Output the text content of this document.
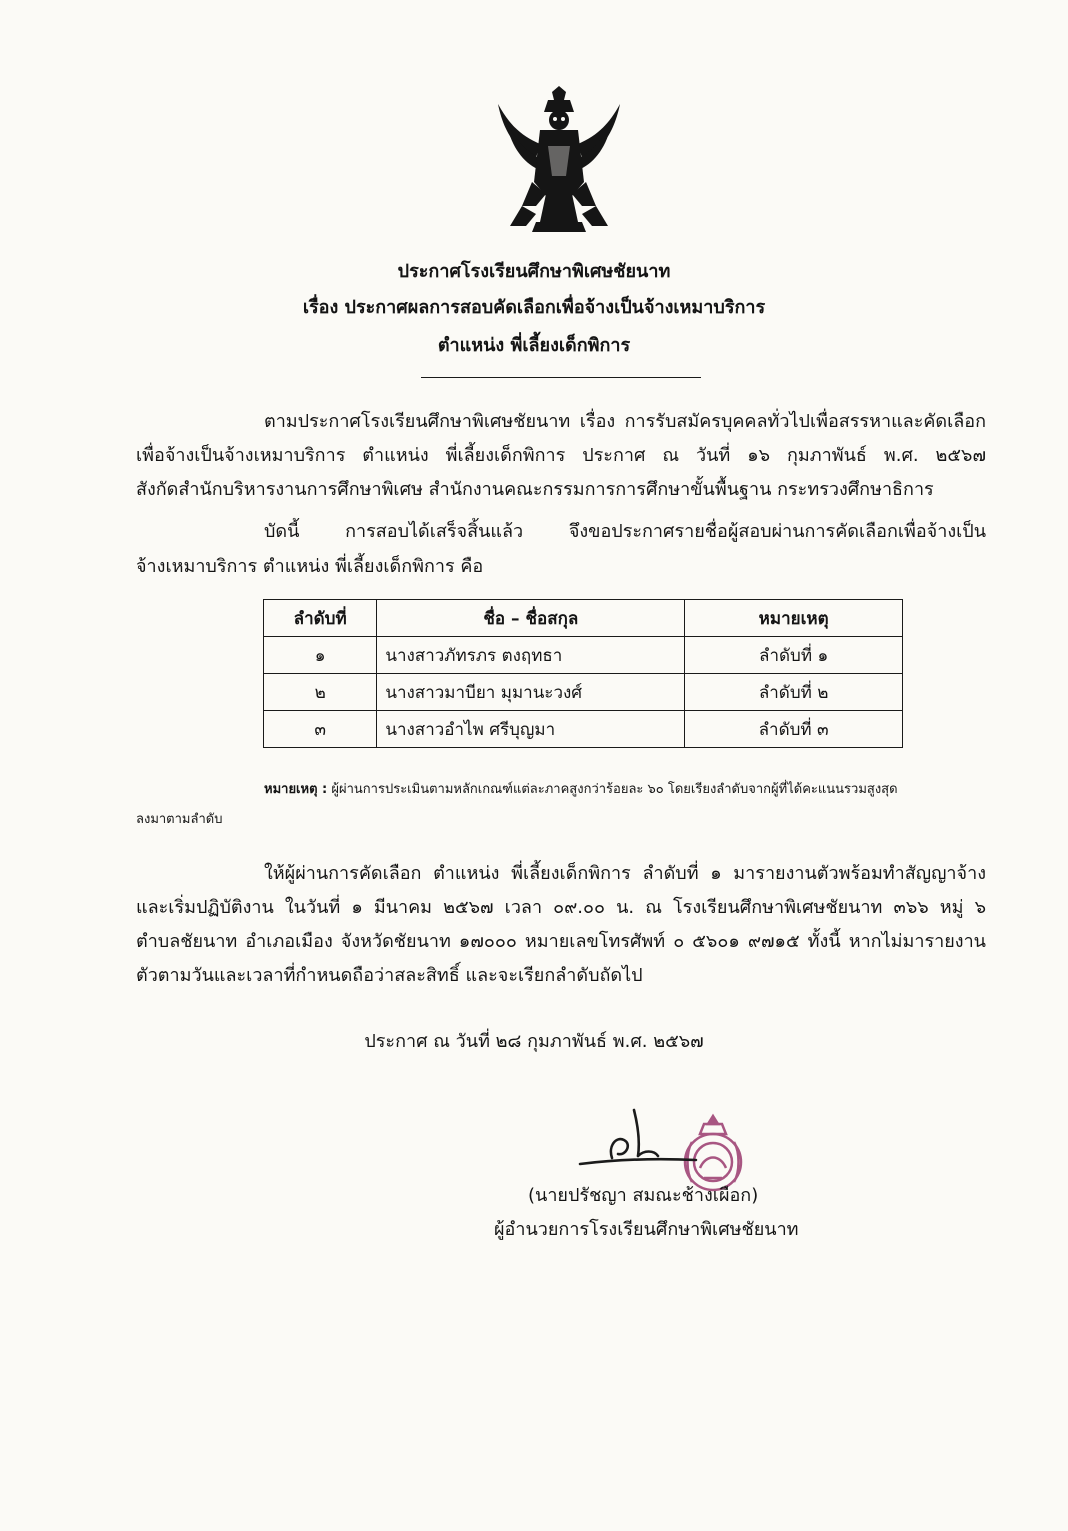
ประกาศโรงเรียนศึกษาพิเศษชัยนาท
เรื่อง ประกาศผลการสอบคัดเลือกเพื่อจ้างเป็นจ้างเหมาบริการ
ตำแหน่ง พี่เลี้ยงเด็กพิการ
ตามประกาศโรงเรียนศึกษาพิเศษชัยนาท เรื่อง การรับสมัครบุคคลทั่วไปเพื่อสรรหาและคัดเลือก
เพื่อจ้างเป็นจ้างเหมาบริการ ตำแหน่ง พี่เลี้ยงเด็กพิการ ประกาศ ณ วันที่ ๑๖ กุมภาพันธ์ พ.ศ. ๒๕๖๗
สังกัดสำนักบริหารงานการศึกษาพิเศษ สำนักงานคณะกรรมการการศึกษาขั้นพื้นฐาน กระทรวงศึกษาธิการ
บัดนี้ การสอบได้เสร็จสิ้นแล้ว จึงขอประกาศรายชื่อผู้สอบผ่านการคัดเลือกเพื่อจ้างเป็น
จ้างเหมาบริการ ตำแหน่ง พี่เลี้ยงเด็กพิการ คือ
ลำดับที่	ชื่อ – ชื่อสกุล	หมายเหตุ
๑	นางสาวภัทรภร ตงฤทธา	ลำดับที่ ๑
๒	นางสาวมาบียา มุมานะวงศ์	ลำดับที่ ๒
๓	นางสาวอำไพ ศรีบุญมา	ลำดับที่ ๓
หมายเหตุ : ผู้ผ่านการประเมินตามหลักเกณฑ์แต่ละภาคสูงกว่าร้อยละ ๖๐ โดยเรียงลำดับจากผู้ที่ได้คะแนนรวมสูงสุด
ลงมาตามลำดับ
ให้ผู้ผ่านการคัดเลือก ตำแหน่ง พี่เลี้ยงเด็กพิการ ลำดับที่ ๑ มารายงานตัวพร้อมทำสัญญาจ้าง
และเริ่มปฏิบัติงาน ในวันที่ ๑ มีนาคม ๒๕๖๗ เวลา ๐๙.๐๐ น. ณ โรงเรียนศึกษาพิเศษชัยนาท ๓๖๖ หมู่ ๖
ตำบลชัยนาท อำเภอเมือง จังหวัดชัยนาท ๑๗๐๐๐ หมายเลขโทรศัพท์ ๐ ๕๖๐๑ ๙๗๑๕ ทั้งนี้ หากไม่มารายงาน
ตัวตามวันและเวลาที่กำหนดถือว่าสละสิทธิ์ และจะเรียกลำดับถัดไป
ประกาศ ณ วันที่ ๒๘ กุมภาพันธ์ พ.ศ. ๒๕๖๗
(นายปรัชญา สมณะช้างเผือก)
ผู้อำนวยการโรงเรียนศึกษาพิเศษชัยนาท
